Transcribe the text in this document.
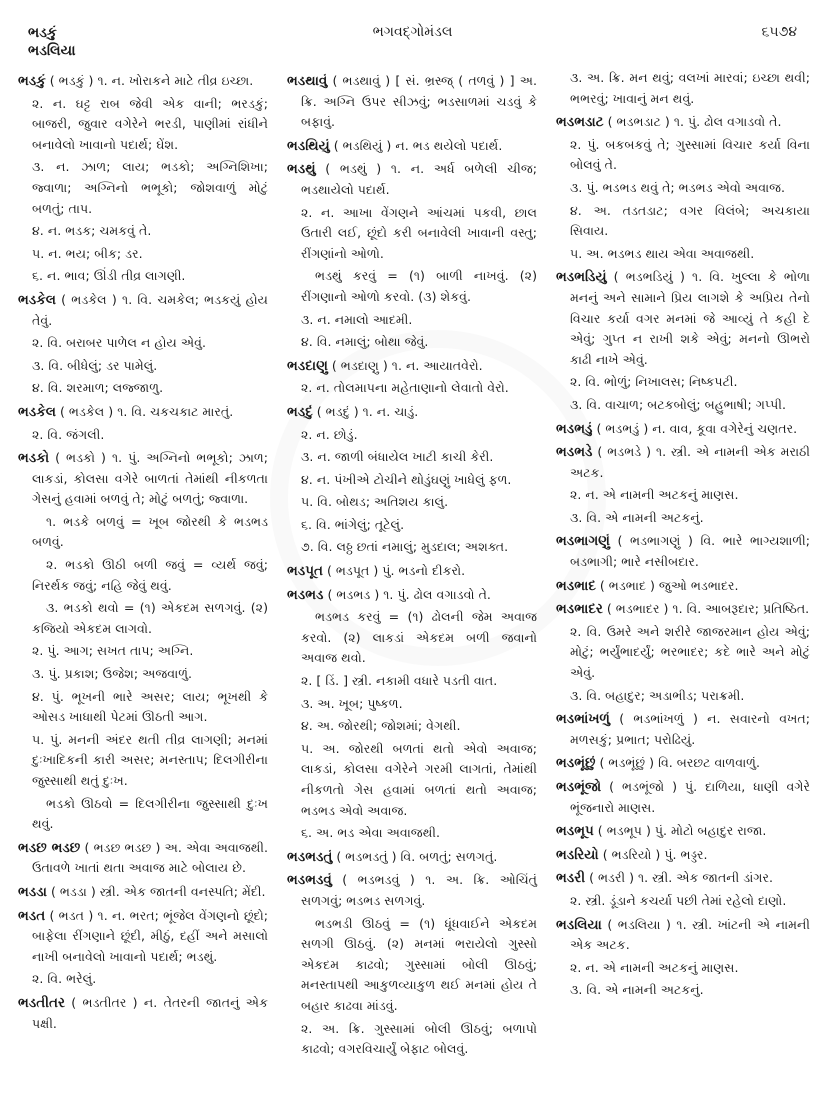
ભડકું
ભડલિયા
ભગવદ્ગોમંડલ	૬૫૭૪

ભડકું ( ભડકું ) ૧. ન. ખોરાકને માટે તીવ્ર ઇચ્છા.

૨. ન. ઘટ્ટ રાબ જેવી એક વાની; ભરડકું; બાજરી, જુવાર વગેરેને ભરડી, પાણીમાં રાંધીને બનાવેલો ખાવાનો પદાર્થ; ઘેંશ.

૩. ન. ઝાળ; લાય; ભડકો; અગ્નિશિખા; જ્વાળા; અગ્નિનો ભભૂકો; જોશવાળું મોટું બળતું; તાપ.

૪. ન. ભડક; ચમકવું તે.

૫. ન. ભય; બીક; ડર.

૬. ન. ભાવ; ઊંડી તીવ્ર લાગણી.

ભડકેલ ( ભડકેલ ) ૧. વિ. ચમકેલ; ભડકયું હોય તેવું.

૨. વિ. બરાબર પાળેલ ન હોય એવું.

૩. વિ. બીધેલું; ડર પામેલું.

૪. વિ. શરમાળ; લજ્જાળુ.

ભડકેલ ( ભડકેલ ) ૧. વિ. ચકચકાટ મારતું.

૨. વિ. જંગલી.

ભડકો ( ભડકો ) ૧. પું. અગ્નિનો ભભૂકો; ઝાળ; લાકડાં, કોલસા વગેરે બાળતાં તેમાંથી નીકળતા ગેસનું હવામાં બળવું તે; મોટું બળતું; જ્વાળા.

૧. ભડકે બળવું = ખૂબ જોરથી કે ભડભડ બળવું.

૨. ભડકો ઊઠી બળી જવું = વ્યર્થ જવું; નિરર્થક જવું; નહિ જેવું થવું.

૩. ભડકો થવો = (૧) એકદમ સળગવું. (૨) કજિયો એકદમ લાગવો.

૨. પું. આગ; સખત તાપ; અગ્નિ.

૩. પું. પ્રકાશ; ઉજેશ; અજવાળું.

૪. પું. ભૂખની ભારે અસર; લાય; ભૂખથી કે ઓસડ ખાધાથી પેટમાં ઊઠતી આગ.

૫. પું. મનની અંદર થતી તીવ્ર લાગણી; મનમાં દુઃખાદિકની કારી અસર; મનસ્તાપ; દિલગીરીના જુસ્સાથી થતું દુઃખ.

ભડકો ઊઠવો = દિલગીરીના જુસ્સાથી દુઃખ થવું.

ભડછ ભડછ ( ભડછ ભડછ ) અ. એવા અવાજથી. ઉતાવળે ખાતાં થતા અવાજ માટે બોલાય છે.

ભડડા ( ભડડા ) સ્ત્રી. એક જાતની વનસ્પતિ; મેંદી.

ભડત ( ભડત ) ૧. ન. ભરત; ભૂંજેલ વેંગણનો છૂંદો; બાફેલા રીંગણાને છૂંદી, મીઠું, દહીં અને મસાલો નાખી બનાવેલો ખાવાનો પદાર્થ; ભડથું.

૨. વિ. ભરેલું.

ભડતીતર ( ભડતીતર ) ન. તેતરની જાતનું એક પક્ષી.

ભડથાવું ( ભડથાવું ) [ સં. ભ્રસ્જ્ ( તળવું ) ] અ. ક્રિ. અગ્નિ ઉપર સીઝવું; ભડસાળમાં ચડવું કે બફાવું.

ભડથિયું ( ભડથિયું ) ન. ભડ થયેલો પદાર્થ.

ભડથું ( ભડથું ) ૧. ન. અર્ધ બળેલી ચીજ; ભડથાયેલો પદાર્થ.

૨. ન. આખા વેંગણને આંચમાં પકવી, છાલ ઉતારી લઈ, છૂંદો કરી બનાવેલી ખાવાની વસ્તુ; રીંગણાંનો ઓળો.

ભડથું કરવું = (૧) બાળી નાખવું. (૨) રીંગણાનો ઓળો કરવો. (૩) શેકવું.

૩. ન. નમાલો આદમી.

૪. વિ. નમાલું; બોથા જેવું.

ભડદાણુ ( ભડદાણુ ) ૧. ન. આયાતવેરો.

૨. ન. તોલમાપના મહેતાણાનો લેવાતો વેરો.

ભડદું ( ભડદું ) ૧. ન. ચાડું.

૨. ન. છોડું.

૩. ન. જાળી બંધાયેલ ખાટી કાચી કેરી.

૪. ન. પંખીએ ટોચીને થોડુંઘણું ખાધેલું ફળ.

૫. વિ. બોથડ; અતિશય કાલું.

૬. વિ. ભાંગેલું; તૂટેલું.

૭. વિ. લઠ્ઠ છતાં નમાલું; મુડદાલ; અશક્ત.

ભડપૂત ( ભડપૂત ) પું. ભડનો દીકરો.

ભડભડ ( ભડભડ ) ૧. પું. ઢોલ વગાડવો તે.

ભડભડ કરવું = (૧) ઢોલની જેમ અવાજ કરવો. (૨) લાકડાં એકદમ બળી જવાનો અવાજ થવો.

૨. [ ડિં. ] સ્ત્રી. નકામી વધારે પડતી વાત.

૩. અ. ખૂબ; પુષ્કળ.

૪. અ. જોરથી; જોશમાં; વેગથી.

૫. અ. જોરથી બળતાં થતો એવો અવાજ; લાકડાં, કોલસા વગેરેને ગરમી લાગતાં, તેમાંથી નીકળતો ગેસ હવામાં બળતાં થતો અવાજ; ભડભડ એવો અવાજ.

૬. અ. ભડ એવા અવાજથી.

ભડભડતું ( ભડભડતું ) વિ. બળતું; સળગતું.

ભડભડવું ( ભડભડવું ) ૧. અ. ક્રિ. ઓચિંતું સળગવું; ભડભડ સળગવું.

ભડભડી ઊઠવું = (૧) ધૂંધવાઈને એકદમ સળગી ઊઠવું. (૨) મનમાં ભરાયેલો ગુસ્સો એકદમ કાઢવો; ગુસ્સામાં બોલી ઊઠવું; મનસ્તાપથી આકુળવ્યાકુળ થઈ મનમાં હોય તે બહાર કાઢવા માંડવું.

૨. અ. ક્રિ. ગુસ્સામાં બોલી ઊઠવું; બળાપો કાઢવો; વગરવિચાર્યું બેફાટ બોલવું.

૩. અ. ક્રિ. મન થવું; વલખાં મારવાં; ઇચ્છા થવી; ભભરવું; ખાવાનું મન થવું.

ભડભડાટ ( ભડભડાટ ) ૧. પું. ઢોલ વગાડવો તે.

૨. પું. બકબકવું તે; ગુસ્સામાં વિચાર કર્યા વિના બોલવું તે.

૩. પું. ભડભડ થવું તે; ભડભડ એવો અવાજ.

૪. અ. તડતડાટ; વગર વિલંબે; અચકાયા સિવાય.

૫. અ. ભડભડ થાય એવા અવાજથી.

ભડભડિયું ( ભડભડિયું ) ૧. વિ. ખુલ્લા કે ભોળા મનનું અને સામાને પ્રિય લાગશે કે અપ્રિય તેનો વિચાર કર્યા વગર મનમાં જે આવ્યું તે કહી દે એવું; ગુપ્ત ન રાખી શકે એવું; મનનો ઊભરો કાઢી નાખે એવું.

૨. વિ. ભોળું; નિખાલસ; નિષ્કપટી.

૩. વિ. વાચાળ; બટકબોલું; બહુભાષી; ગપ્પી.

ભડભડું ( ભડભડું ) ન. વાવ, કૂવા વગેરેનું ચણતર.

ભડભડે ( ભડભડે ) ૧. સ્ત્રી. એ નામની એક મરાઠી અટક.

૨. ન. એ નામની અટકનું માણસ.

૩. વિ. એ નામની અટકનું.

ભડભાગણું ( ભડભાગણું ) વિ. ભારે ભાગ્યશાળી; બડભાગી; ભારે નસીબદાર.

ભડભાદ ( ભડભાદ ) જુઓ ભડભાદર.

ભડભાદર ( ભડભાદર ) ૧. વિ. આબરૂદાર; પ્રતિષ્ઠિત.

૨. વિ. ઉમરે અને શરીરે જાજરમાન હોય એવું; મોટું; ભર્યુંભાદર્યું; ભરભાદર; કદે ભારે અને મોટું એવું.

૩. વિ. બહાદુર; અડાભીડ; પરાક્રમી.

ભડભાંખળું ( ભડભાંખળું ) ન. સવારનો વખત; મળસકું; પ્રભાત; પરોઢિયું.

ભડભૂંછું ( ભડભૂંછું ) વિ. બરછટ વાળવાળું.

ભડભૂંજો ( ભડભૂંજો ) પું. દાળિયા, ધાણી વગેરે ભૂંજનારો માણસ.

ભડભૂપ ( ભડભૂપ ) પું. મોટો બહાદુર રાજા.

ભડરિયો ( ભડરિયો ) પું. ભડ્ડર.

ભડરી ( ભડરી ) ૧. સ્ત્રી. એક જાતની ડાંગર.

૨. સ્ત્રી. ડૂંડાને કચર્યા પછી તેમાં રહેલો દાણો.

ભડલિયા ( ભડલિયા ) ૧. સ્ત્રી. ખાંટની એ નામની એક અટક.

૨. ન. એ નામની અટકનું માણસ.

૩. વિ. એ નામની અટકનું.
